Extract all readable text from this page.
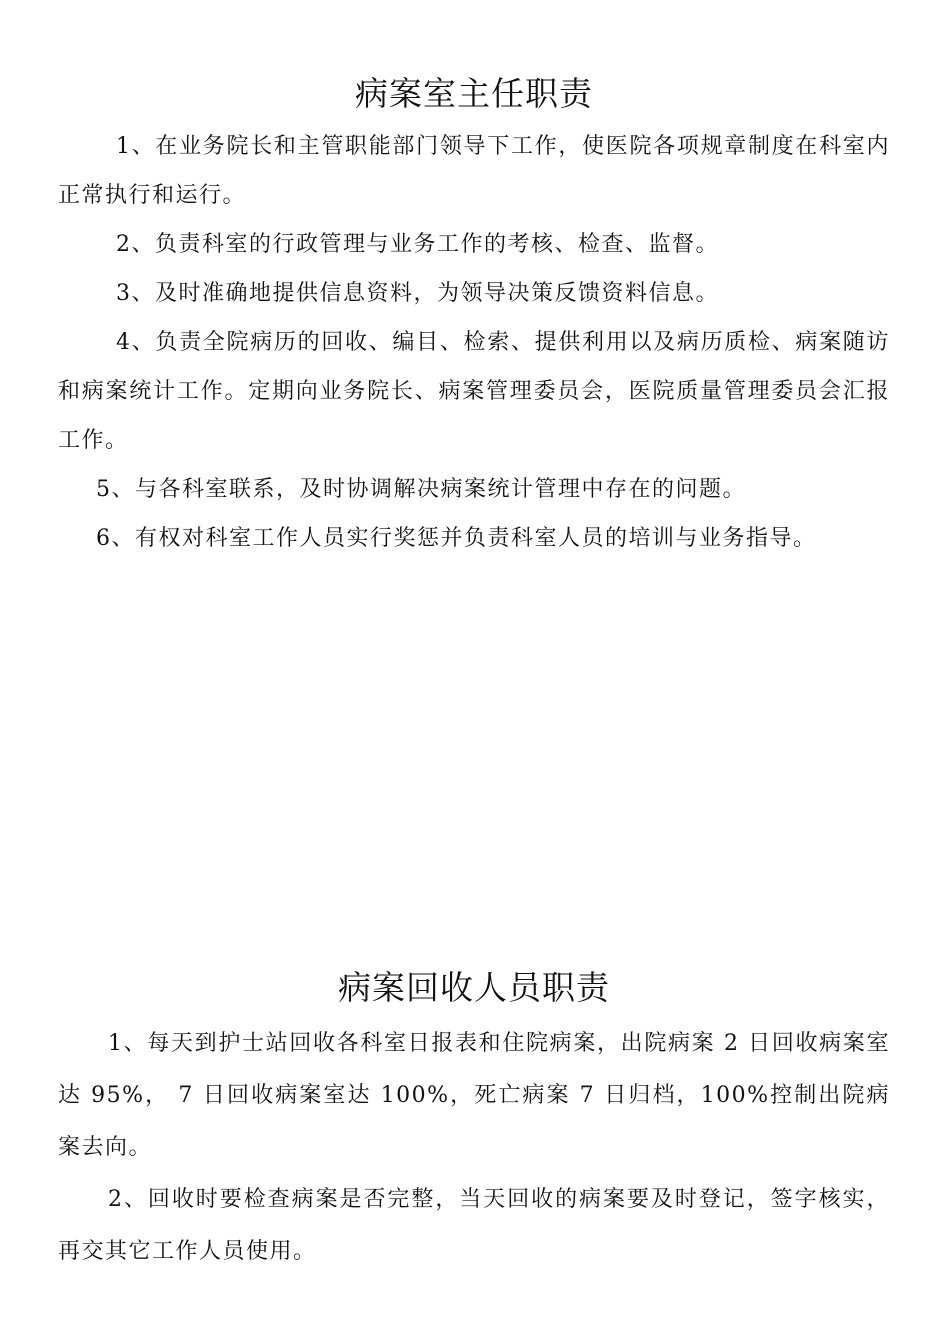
病案室主任职责

1、在业务院长和主管职能部门领导下工作，使医院各项规章制度在科室内正常执行和运行。

2、负责科室的行政管理与业务工作的考核、检查、监督。

3、及时准确地提供信息资料，为领导决策反馈资料信息。

4、负责全院病历的回收、编目、检索、提供利用以及病历质检、病案随访和病案统计工作。定期向业务院长、病案管理委员会，医院质量管理委员会汇报工作。

5、与各科室联系，及时协调解决病案统计管理中存在的问题。

6、有权对科室工作人员实行奖惩并负责科室人员的培训与业务指导。

病案回收人员职责

1、每天到护士站回收各科室日报表和住院病案，出院病案 2 日回收病案室达 95%， 7 日回收病案室达 100%，死亡病案 7 日归档，100%控制出院病案去向。

2、回收时要检查病案是否完整，当天回收的病案要及时登记，签字核实，再交其它工作人员使用。
